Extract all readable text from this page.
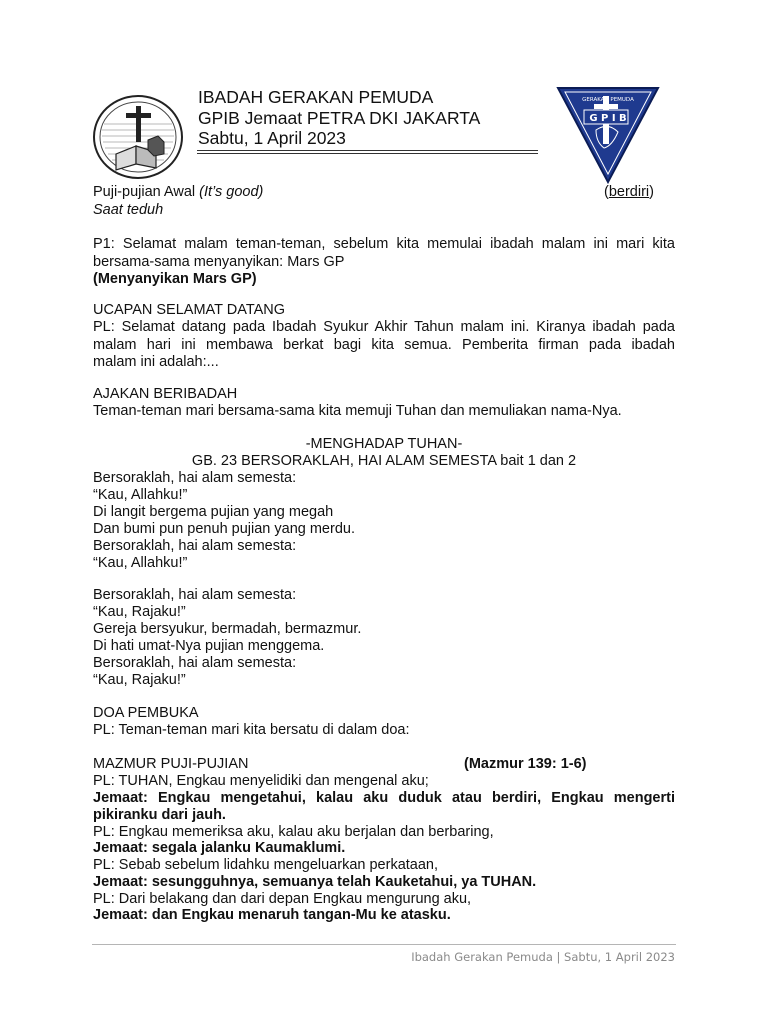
IBADAH GERAKAN PEMUDA
GPIB Jemaat PETRA DKI JAKARTA
Sabtu, 1 April 2023
GERAKAN PEMUDA
G P I B
Puji-pujian Awal (It’s good)	(berdiri)
Saat teduh
P1: Selamat malam teman-teman, sebelum kita memulai ibadah malam ini mari kita
bersama-sama menyanyikan: Mars GP
(Menyanyikan Mars GP)
UCAPAN SELAMAT DATANG
PL: Selamat datang pada Ibadah Syukur Akhir Tahun malam ini. Kiranya ibadah pada
malam hari ini membawa berkat bagi kita semua. Pemberita firman pada ibadah
malam ini adalah:...
AJAKAN BERIBADAH
Teman-teman mari bersama-sama kita memuji Tuhan dan memuliakan nama-Nya.
-MENGHADAP TUHAN-
GB. 23 BERSORAKLAH, HAI ALAM SEMESTA bait 1 dan 2
Bersoraklah, hai alam semesta:
“Kau, Allahku!”
Di langit bergema pujian yang megah
Dan bumi pun penuh pujian yang merdu.
Bersoraklah, hai alam semesta:
“Kau, Allahku!”
Bersoraklah, hai alam semesta:
“Kau, Rajaku!”
Gereja bersyukur, bermadah, bermazmur.
Di hati umat-Nya pujian menggema.
Bersoraklah, hai alam semesta:
“Kau, Rajaku!”
DOA PEMBUKA
PL: Teman-teman mari kita bersatu di dalam doa:
MAZMUR PUJI-PUJIAN	(Mazmur 139: 1-6)
PL: TUHAN, Engkau menyelidiki dan mengenal aku;
Jemaat: Engkau mengetahui, kalau aku duduk atau berdiri, Engkau mengerti
pikiranku dari jauh.
PL: Engkau memeriksa aku, kalau aku berjalan dan berbaring,
Jemaat: segala jalanku Kaumaklumi.
PL: Sebab sebelum lidahku mengeluarkan perkataan,
Jemaat: sesungguhnya, semuanya telah Kauketahui, ya TUHAN.
PL: Dari belakang dan dari depan Engkau mengurung aku,
Jemaat: dan Engkau menaruh tangan-Mu ke atasku.
Ibadah Gerakan Pemuda | Sabtu, 1 April 2023
